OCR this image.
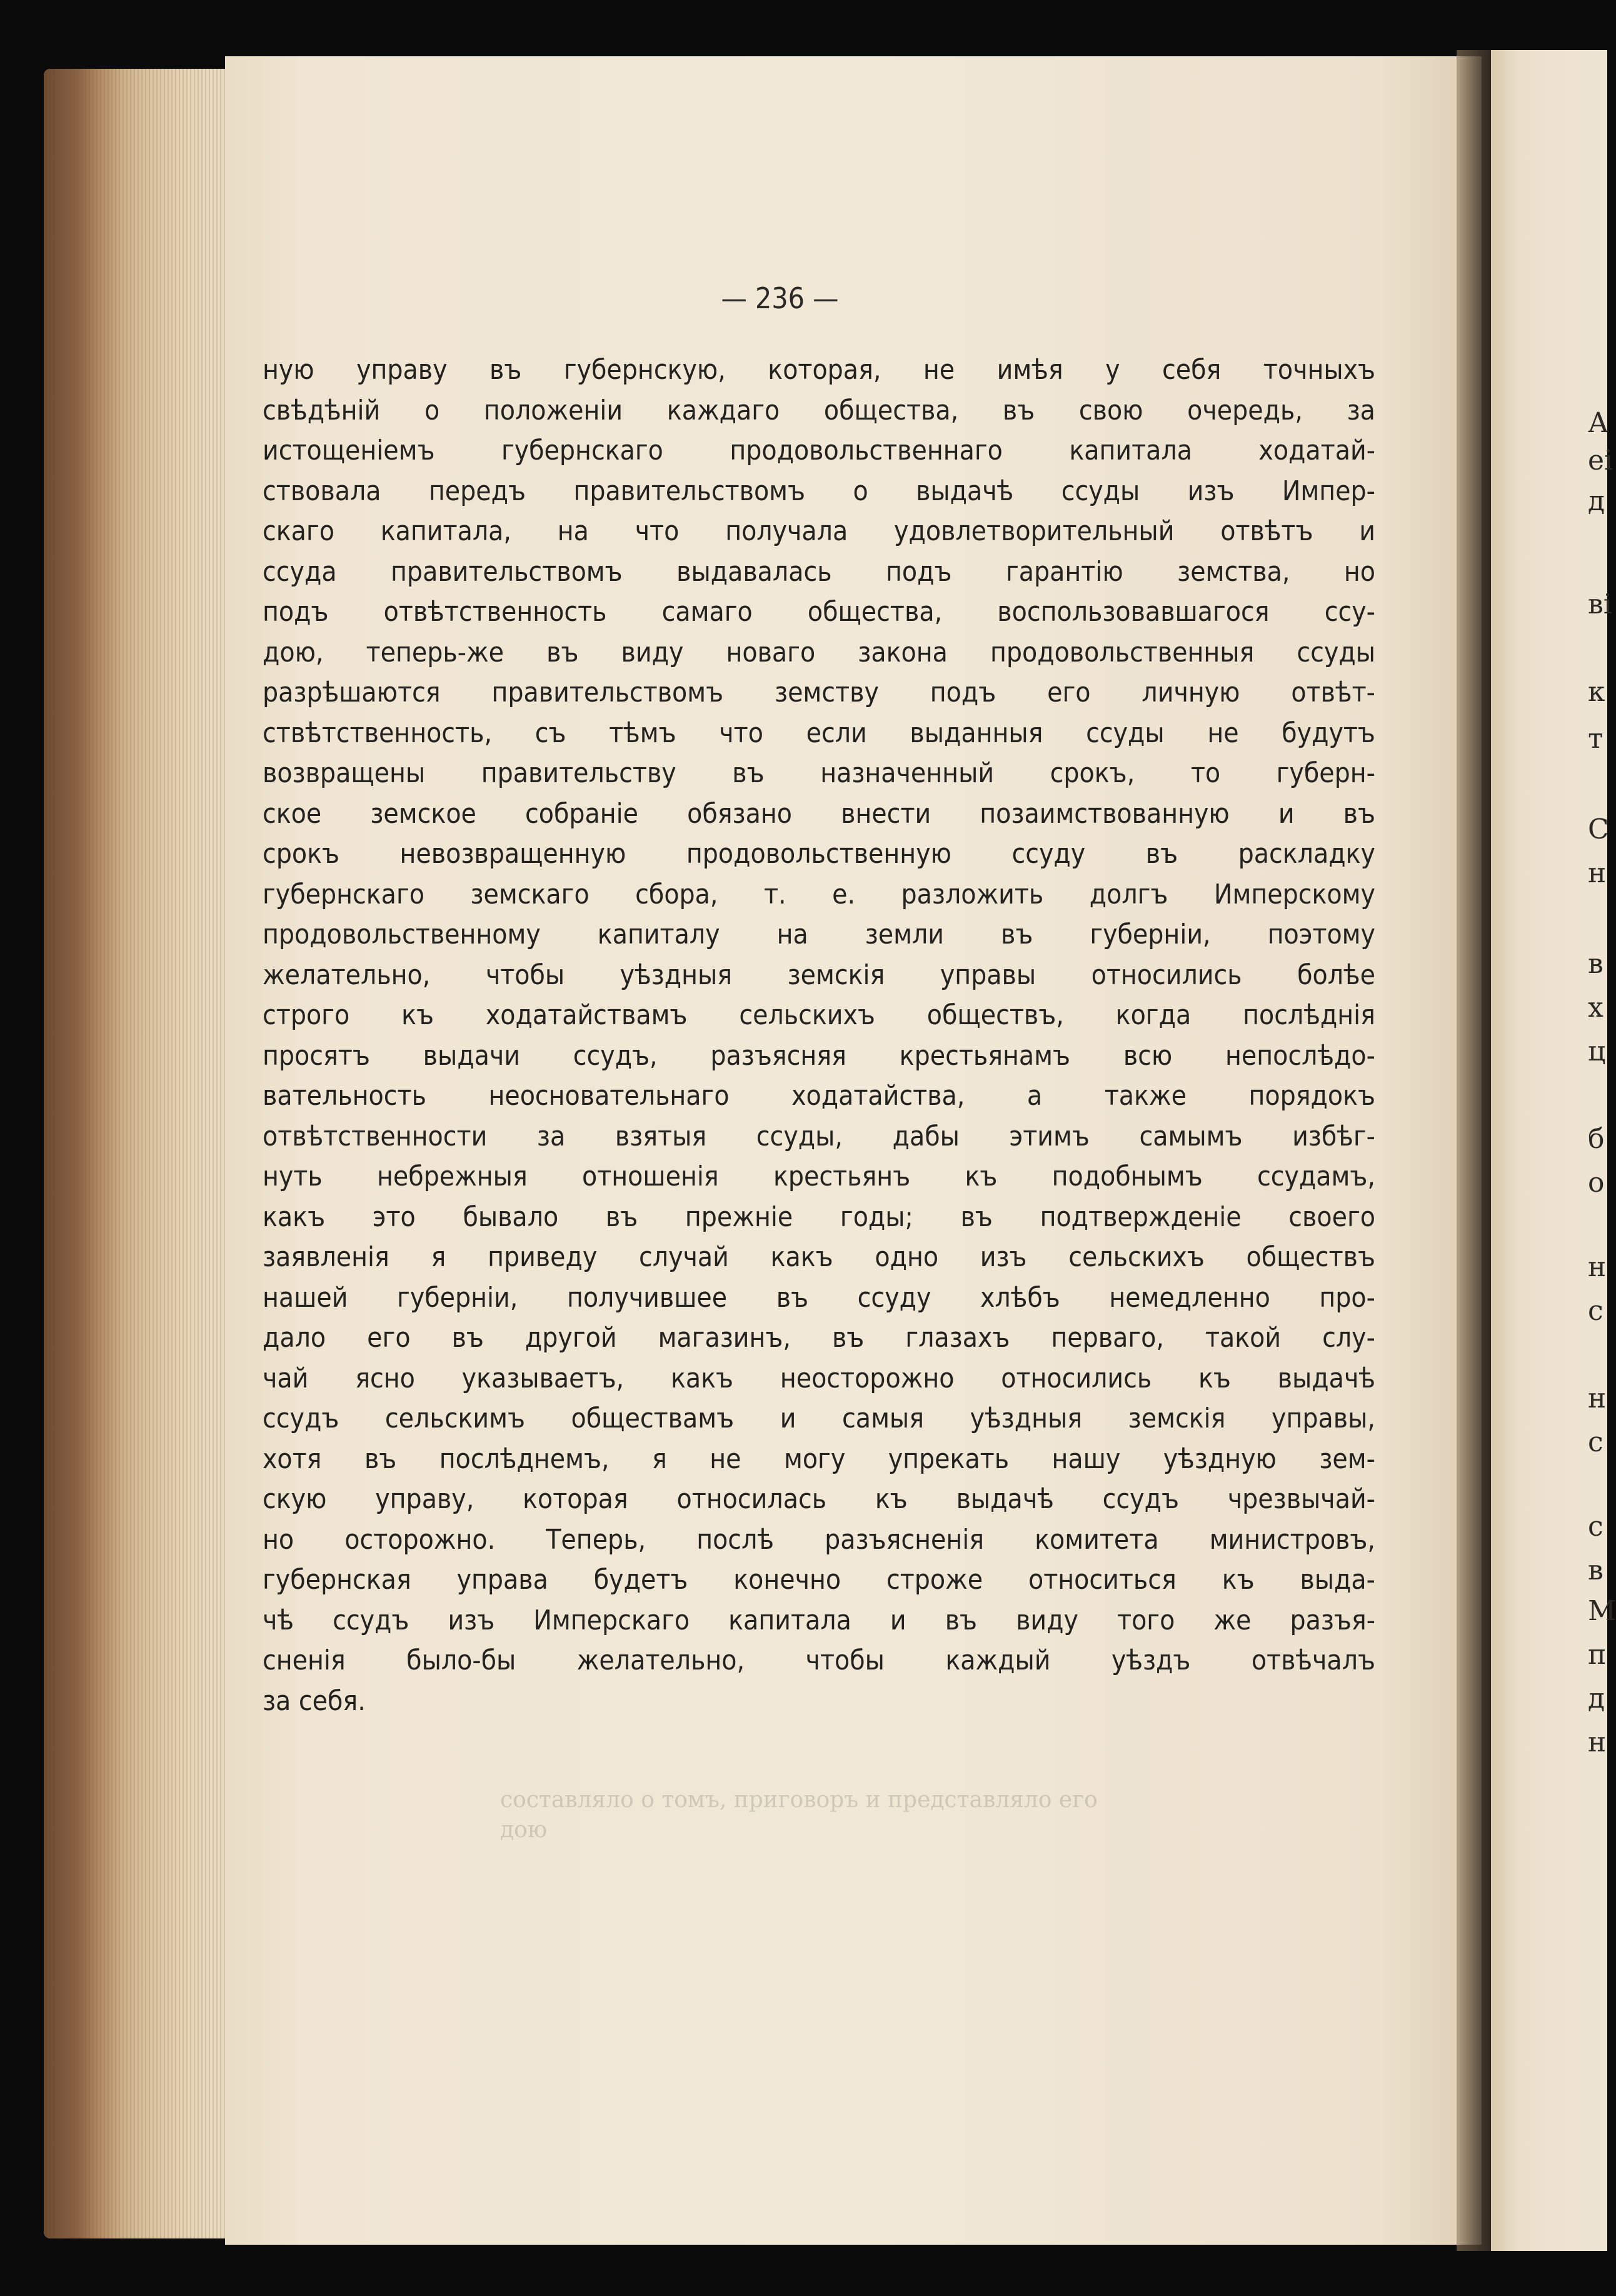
А
еі
д
ві
к
т
С
н
в
х
ц
б
о
н
с
н
с
с
в
М
п
д
н
— 236 —
ную управу въ губернскую, которая, не имѣя у себя точныхъ
свѣдѣній о положеніи каждаго общества, въ свою очередь, за
истощеніемъ губернскаго продовольственнаго капитала ходатай-
ствовала передъ правительствомъ о выдачѣ ссуды изъ Импер-
скаго капитала, на что получала удовлетворительный отвѣтъ и
ссуда правительствомъ выдавалась подъ гарантію земства, но
подъ отвѣтственность самаго общества, воспользовавшагося ссу-
дою, теперь-же въ виду новаго закона продовольственныя ссуды
разрѣшаются правительствомъ земству подъ его личную отвѣт-
ствѣтственность, съ тѣмъ что если выданныя ссуды не будутъ
возвращены правительству въ назначенный срокъ, то губерн-
ское земское собраніе обязано внести позаимствованную и въ
срокъ невозвращенную продовольственную ссуду въ раскладку
губернскаго земскаго сбора, т. е. разложить долгъ Имперскому
продовольственному капиталу на земли въ губерніи, поэтому
желательно, чтобы уѣздныя земскія управы относились болѣе
строго къ ходатайствамъ сельскихъ обществъ, когда послѣднія
просятъ выдачи ссудъ, разъясняя крестьянамъ всю непослѣдо-
вательность неосновательнаго ходатайства, а также порядокъ
отвѣтственности за взятыя ссуды, дабы этимъ самымъ избѣг-
нуть небрежныя отношенія крестьянъ къ подобнымъ ссудамъ,
какъ это бывало въ прежніе годы; въ подтвержденіе своего
заявленія я приведу случай какъ одно изъ сельскихъ обществъ
нашей губерніи, получившее въ ссуду хлѣбъ немедленно про-
дало его въ другой магазинъ, въ глазахъ перваго, такой слу-
чай ясно указываетъ, какъ неосторожно относились къ выдачѣ
ссудъ сельскимъ обществамъ и самыя уѣздныя земскія управы,
хотя въ послѣднемъ, я не могу упрекать нашу уѣздную зем-
скую управу, которая относилась къ выдачѣ ссудъ чрезвычай-
но осторожно. Теперь, послѣ разъясненія комитета министровъ,
губернская управа будетъ конечно строже относиться къ выда-
чѣ ссудъ изъ Имперскаго капитала и въ виду того же разъя-
сненія было-бы желательно, чтобы каждый уѣздъ отвѣчалъ
за себя.
составляло о томъ, приговоръ и представляло его
дою
